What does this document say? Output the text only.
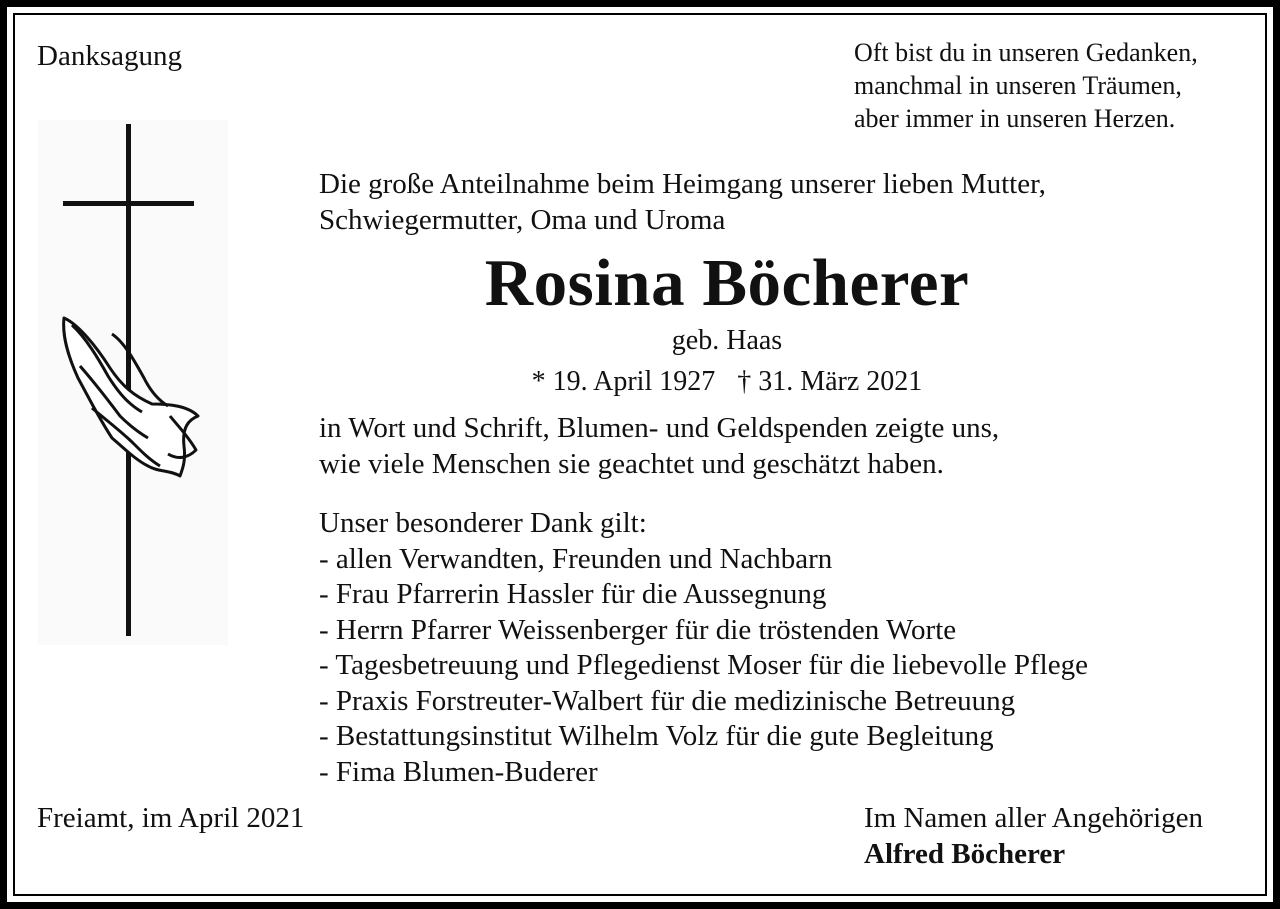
Danksagung	Oft bist du in unseren Gedanken,
manchmal in unseren Träumen,
aber immer in unseren Herzen.
Die große Anteilnahme beim Heimgang unserer lieben Mutter,
Schwiegermutter, Oma und Uroma
Rosina Böcherer
geb. Haas
* 19. April 1927 † 31. März 2021
in Wort und Schrift, Blumen- und Geldspenden zeigte uns,
wie viele Menschen sie geachtet und geschätzt haben.
Unser besonderer Dank gilt:
- allen Verwandten, Freunden und Nachbarn
- Frau Pfarrerin Hassler für die Aussegnung
- Herrn Pfarrer Weissenberger für die tröstenden Worte
- Tagesbetreuung und Pflegedienst Moser für die liebevolle Pflege
- Praxis Forstreuter-Walbert für die medizinische Betreuung
- Bestattungsinstitut Wilhelm Volz für die gute Begleitung
- Fima Blumen-Buderer
Freiamt, im April 2021	Im Namen aller Angehörigen
Alfred Böcherer
